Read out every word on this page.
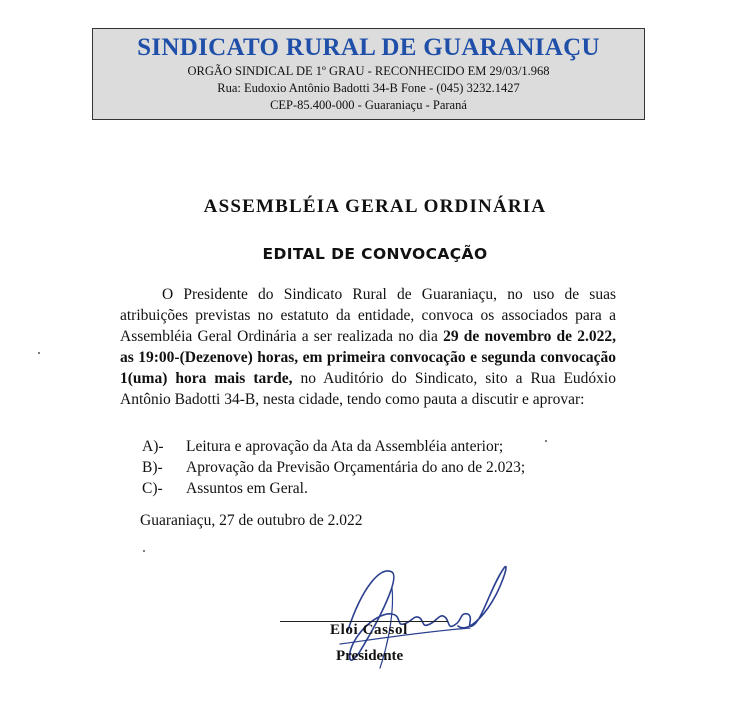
SINDICATO RURAL DE GUARANIAÇU
ORGÃO SINDICAL DE 1º GRAU - RECONHECIDO EM 29/03/1.968
Rua: Eudoxio Antônio Badotti 34-B Fone - (045) 3232.1427
CEP-85.400-000 - Guaraniaçu - Paraná
ASSEMBLÉIA GERAL ORDINÁRIA
EDITAL DE CONVOCAÇÃO
O Presidente do Sindicato Rural de Guaraniaçu, no uso de suas atribuições previstas no estatuto da entidade, convoca os associados para a Assembléia Geral Ordinária a ser realizada no dia 29 de novembro de 2.022, as 19:00-(Dezenove) horas, em primeira convocação e segunda convocação 1(uma) hora mais tarde, no Auditório do Sindicato, sito a Rua Eudóxio Antônio Badotti 34-B, nesta cidade, tendo como pauta a discutir e aprovar:
A)-	Leitura e aprovação da Ata da Assembléia anterior;
B)-	Aprovação da Previsão Orçamentária do ano de 2.023;
C)-	Assuntos em Geral.
Guaraniaçu, 27 de outubro de 2.022
Eloi Cassol
Presidente
